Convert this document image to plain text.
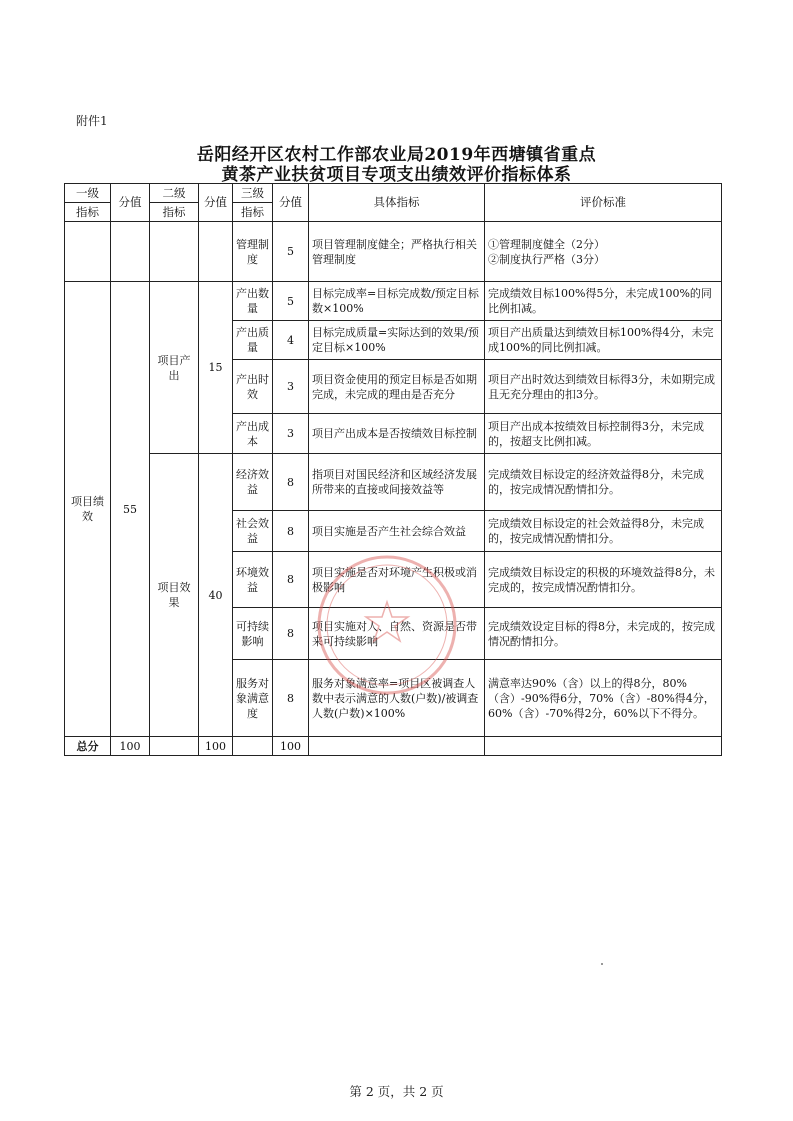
附件1
岳阳经开区农村工作部农业局2019年西塘镇省重点
黄茶产业扶贫项目专项支出绩效评价指标体系
一级	分值	二级	分值	三级	分值	具体指标	评价标准
指标		指标		指标			
				管理制度	5	项目管理制度健全；严格执行相关管理制度	①管理制度健全（2分）
②制度执行严格（3分）
项目绩效	55	项目产出	15	产出数量	5	目标完成率=目标完成数/预定目标数×100%	完成绩效目标100%得5分，未完成100%的同比例扣减。
				产出质量	4	目标完成质量=实际达到的效果/预定目标×100%	项目产出质量达到绩效目标100%得4分，未完成100%的同比例扣减。
				产出时效	3	项目资金使用的预定目标是否如期完成，未完成的理由是否充分	项目产出时效达到绩效目标得3分，未如期完成且无充分理由的扣3分。
				产出成本	3	项目产出成本是否按绩效目标控制	项目产出成本按绩效目标控制得3分，未完成的，按超支比例扣减。
		项目效果	40	经济效益	8	指项目对国民经济和区域经济发展所带来的直接或间接效益等	完成绩效目标设定的经济效益得8分，未完成的，按完成情况酌情扣分。
				社会效益	8	项目实施是否产生社会综合效益	完成绩效目标设定的社会效益得8分，未完成的，按完成情况酌情扣分。
				环境效益	8	项目实施是否对环境产生积极或消极影响	完成绩效目标设定的积极的环境效益得8分，未完成的，按完成情况酌情扣分。
				可持续影响	8	项目实施对人、自然、资源是否带来可持续影响	完成绩效设定目标的得8分，未完成的，按完成情况酌情扣分。
				服务对象满意度	8	服务对象满意率=项目区被调查人数中表示满意的人数(户数)/被调查人数(户数)×100%	满意率达90%（含）以上的得8分，80%（含）-90%得6分，70%（含）-80%得4分，60%（含）-70%得2分，60%以下不得分。
总分	100		100		100		
第 2 页，共 2 页
